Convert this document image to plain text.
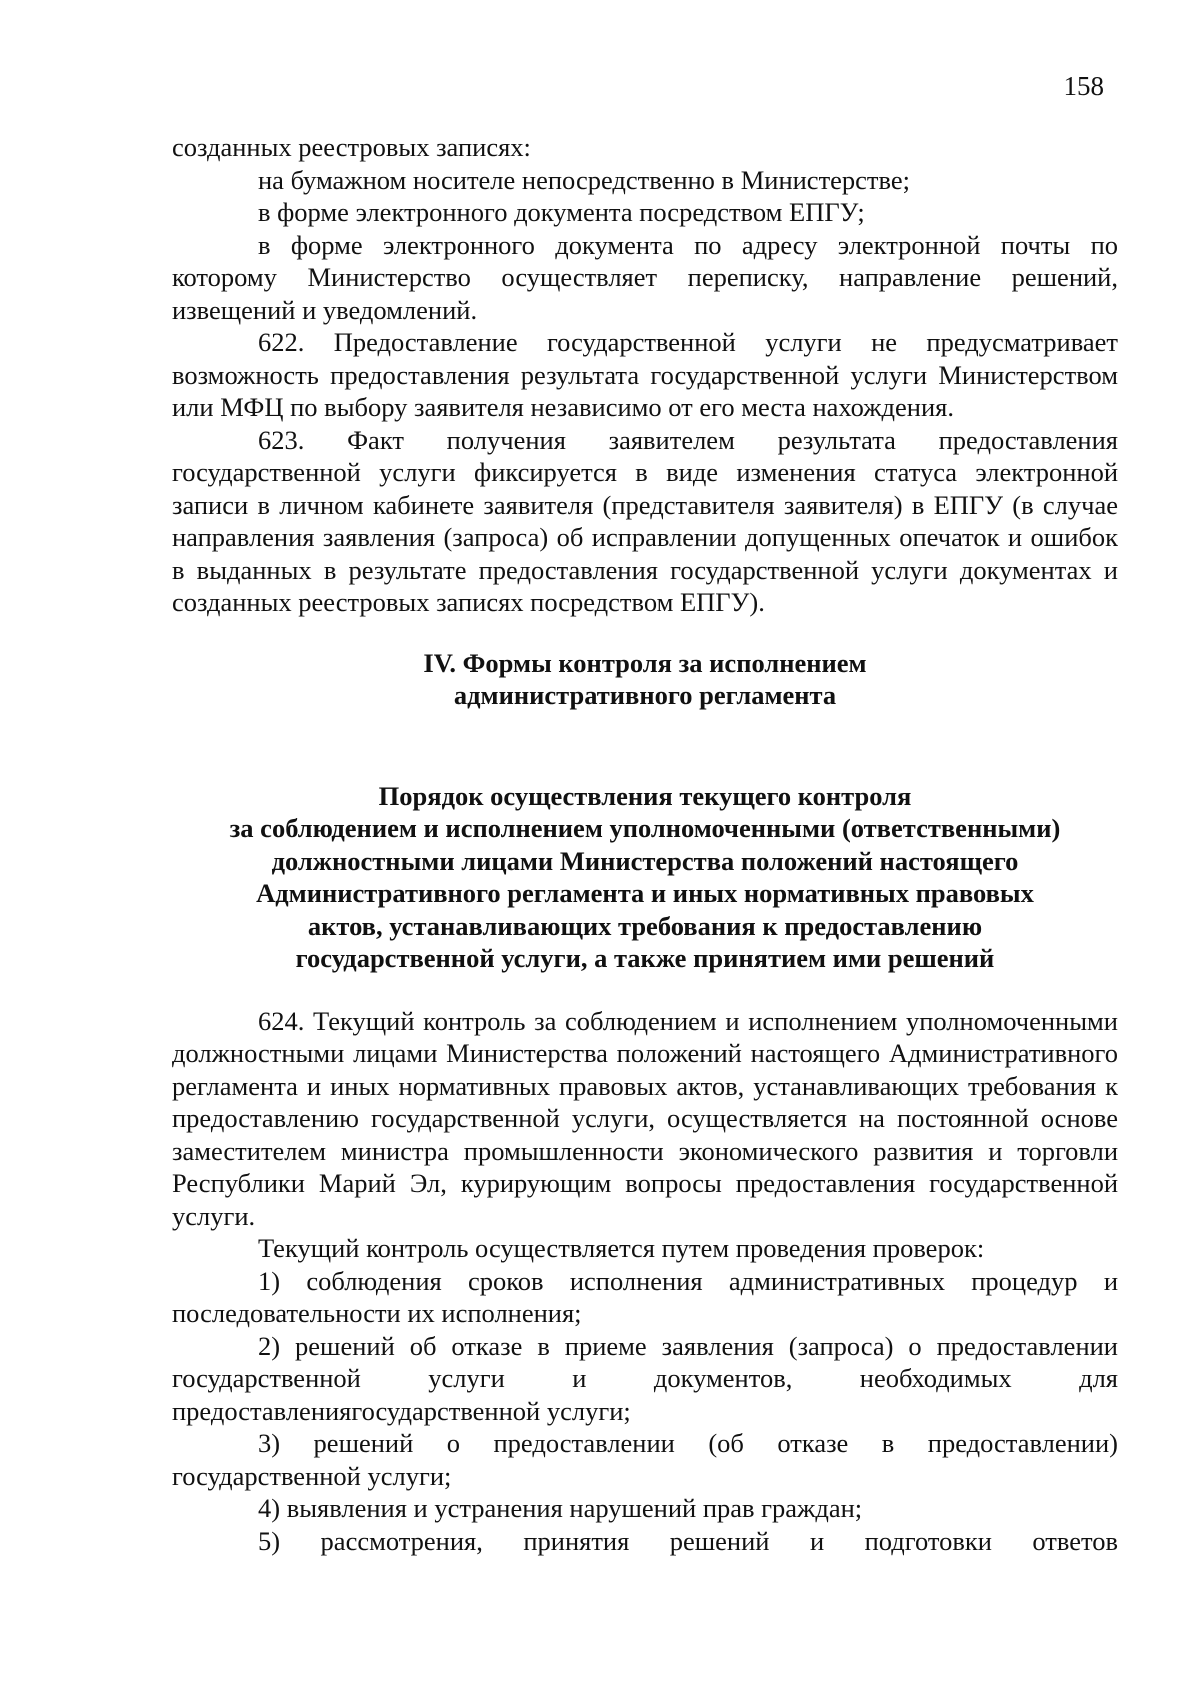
158

созданных реестровых записях:

на бумажном носителе непосредственно в Министерстве;

в форме электронного документа посредством ЕПГУ;

в форме электронного документа по адресу электронной почты по которому Министерство осуществляет переписку, направление решений, извещений и уведомлений.

622. Предоставление государственной услуги не предусматривает возможность предоставления результата государственной услуги Министерством или МФЦ по выбору заявителя независимо от его места нахождения.

623. Факт получения заявителем результата предоставления государственной услуги фиксируется в виде изменения статуса электронной записи в личном кабинете заявителя (представителя заявителя) в ЕПГУ (в случае направления заявления (запроса) об исправлении допущенных опечаток и ошибок в выданных в результате предоставления государственной услуги документах и созданных реестровых записях посредством ЕПГУ).

IV. Формы контроля за исполнением
административного регламента
Порядок осуществления текущего контроля
за соблюдением и исполнением уполномоченными (ответственными)
должностными лицами Министерства положений настоящего
Административного регламента и иных нормативных правовых
актов, устанавливающих требования к предоставлению
государственной услуги, а также принятием ими решений

624. Текущий контроль за соблюдением и исполнением уполномоченными должностными лицами Министерства положений настоящего Административного регламента и иных нормативных правовых актов, устанавливающих требования к предоставлению государственной услуги, осуществляется на постоянной основе заместителем министра промышленности экономического развития и торговли Республики Марий Эл, курирующим вопросы предоставления государственной услуги.

Текущий контроль осуществляется путем проведения проверок:

1) соблюдения сроков исполнения административных процедур и последовательности их исполнения;

2) решений об отказе в приеме заявления (запроса) о предоставлении государственной услуги и документов, необходимых для предоставлениягосударственной услуги;

3) решений о предоставлении (об отказе в предоставлении) государственной услуги;

4) выявления и устранения нарушений прав граждан;

5) рассмотрения, принятия решений и подготовки ответов
